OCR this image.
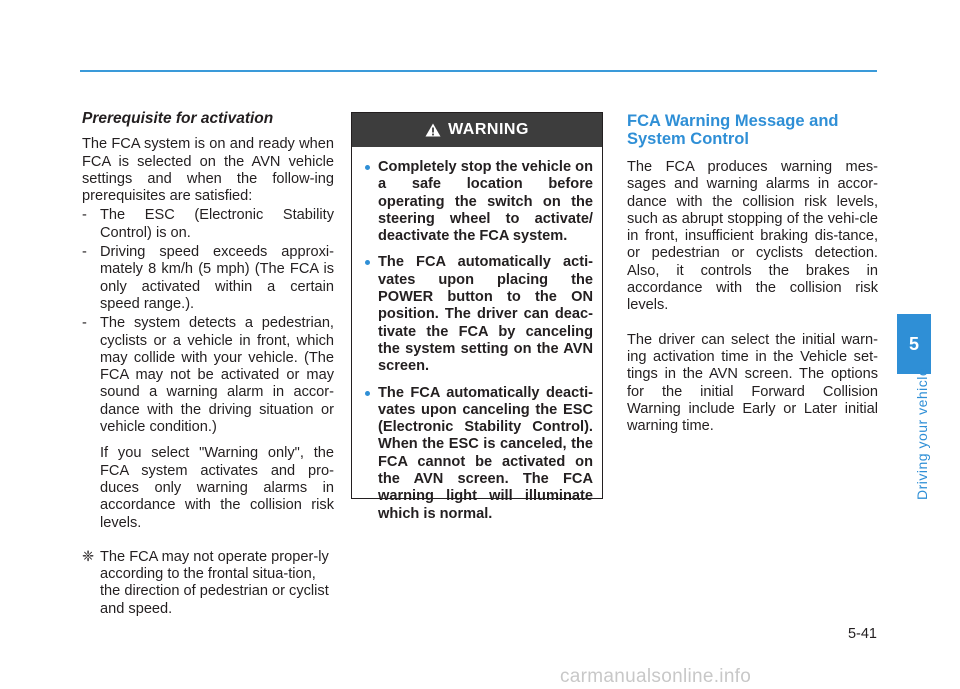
Prerequisite for activation

The FCA system is on and ready when FCA is selected on the AVN vehicle settings and when the follow-ing prerequisites are satisfied:

- The ESC (Electronic Stability Control) is on.
- Driving speed exceeds approxi-mately 8 km/h (5 mph) (The FCA is only activated within a certain speed range.).
- The system detects a pedestrian, cyclists or a vehicle in front, which may collide with your vehicle. (The FCA may not be activated or may sound a warning alarm in accor-dance with the driving situation or vehicle condition.)

If you select "Warning only", the FCA system activates and pro-duces only warning alarms in accordance with the collision risk levels.

❈ The FCA may not operate proper-ly according to the frontal situa-tion, the direction of pedestrian or cyclist and speed.
WARNING
Completely stop the vehicle on a safe location before operating the switch on the steering wheel to activate/ deactivate the FCA system.
The FCA automatically acti-vates upon placing the POWER button to the ON position. The driver can deac-tivate the FCA by canceling the system setting on the AVN screen.
The FCA automatically deacti-vates upon canceling the ESC (Electronic Stability Control). When the ESC is canceled, the FCA cannot be activated on the AVN screen. The FCA warning light will illuminate which is normal.

FCA Warning Message and System Control

The FCA produces warning mes-sages and warning alarms in accor-dance with the collision risk levels, such as abrupt stopping of the vehi-cle in front, insufficient braking dis-tance, or pedestrian or cyclists detection. Also, it controls the brakes in accordance with the collision risk levels.

The driver can select the initial warn-ing activation time in the Vehicle set-tings in the AVN screen. The options for the initial Forward Collision Warning include Early or Later initial warning time.

5
Driving your vehicle
5-41
carmanualsonline.info
